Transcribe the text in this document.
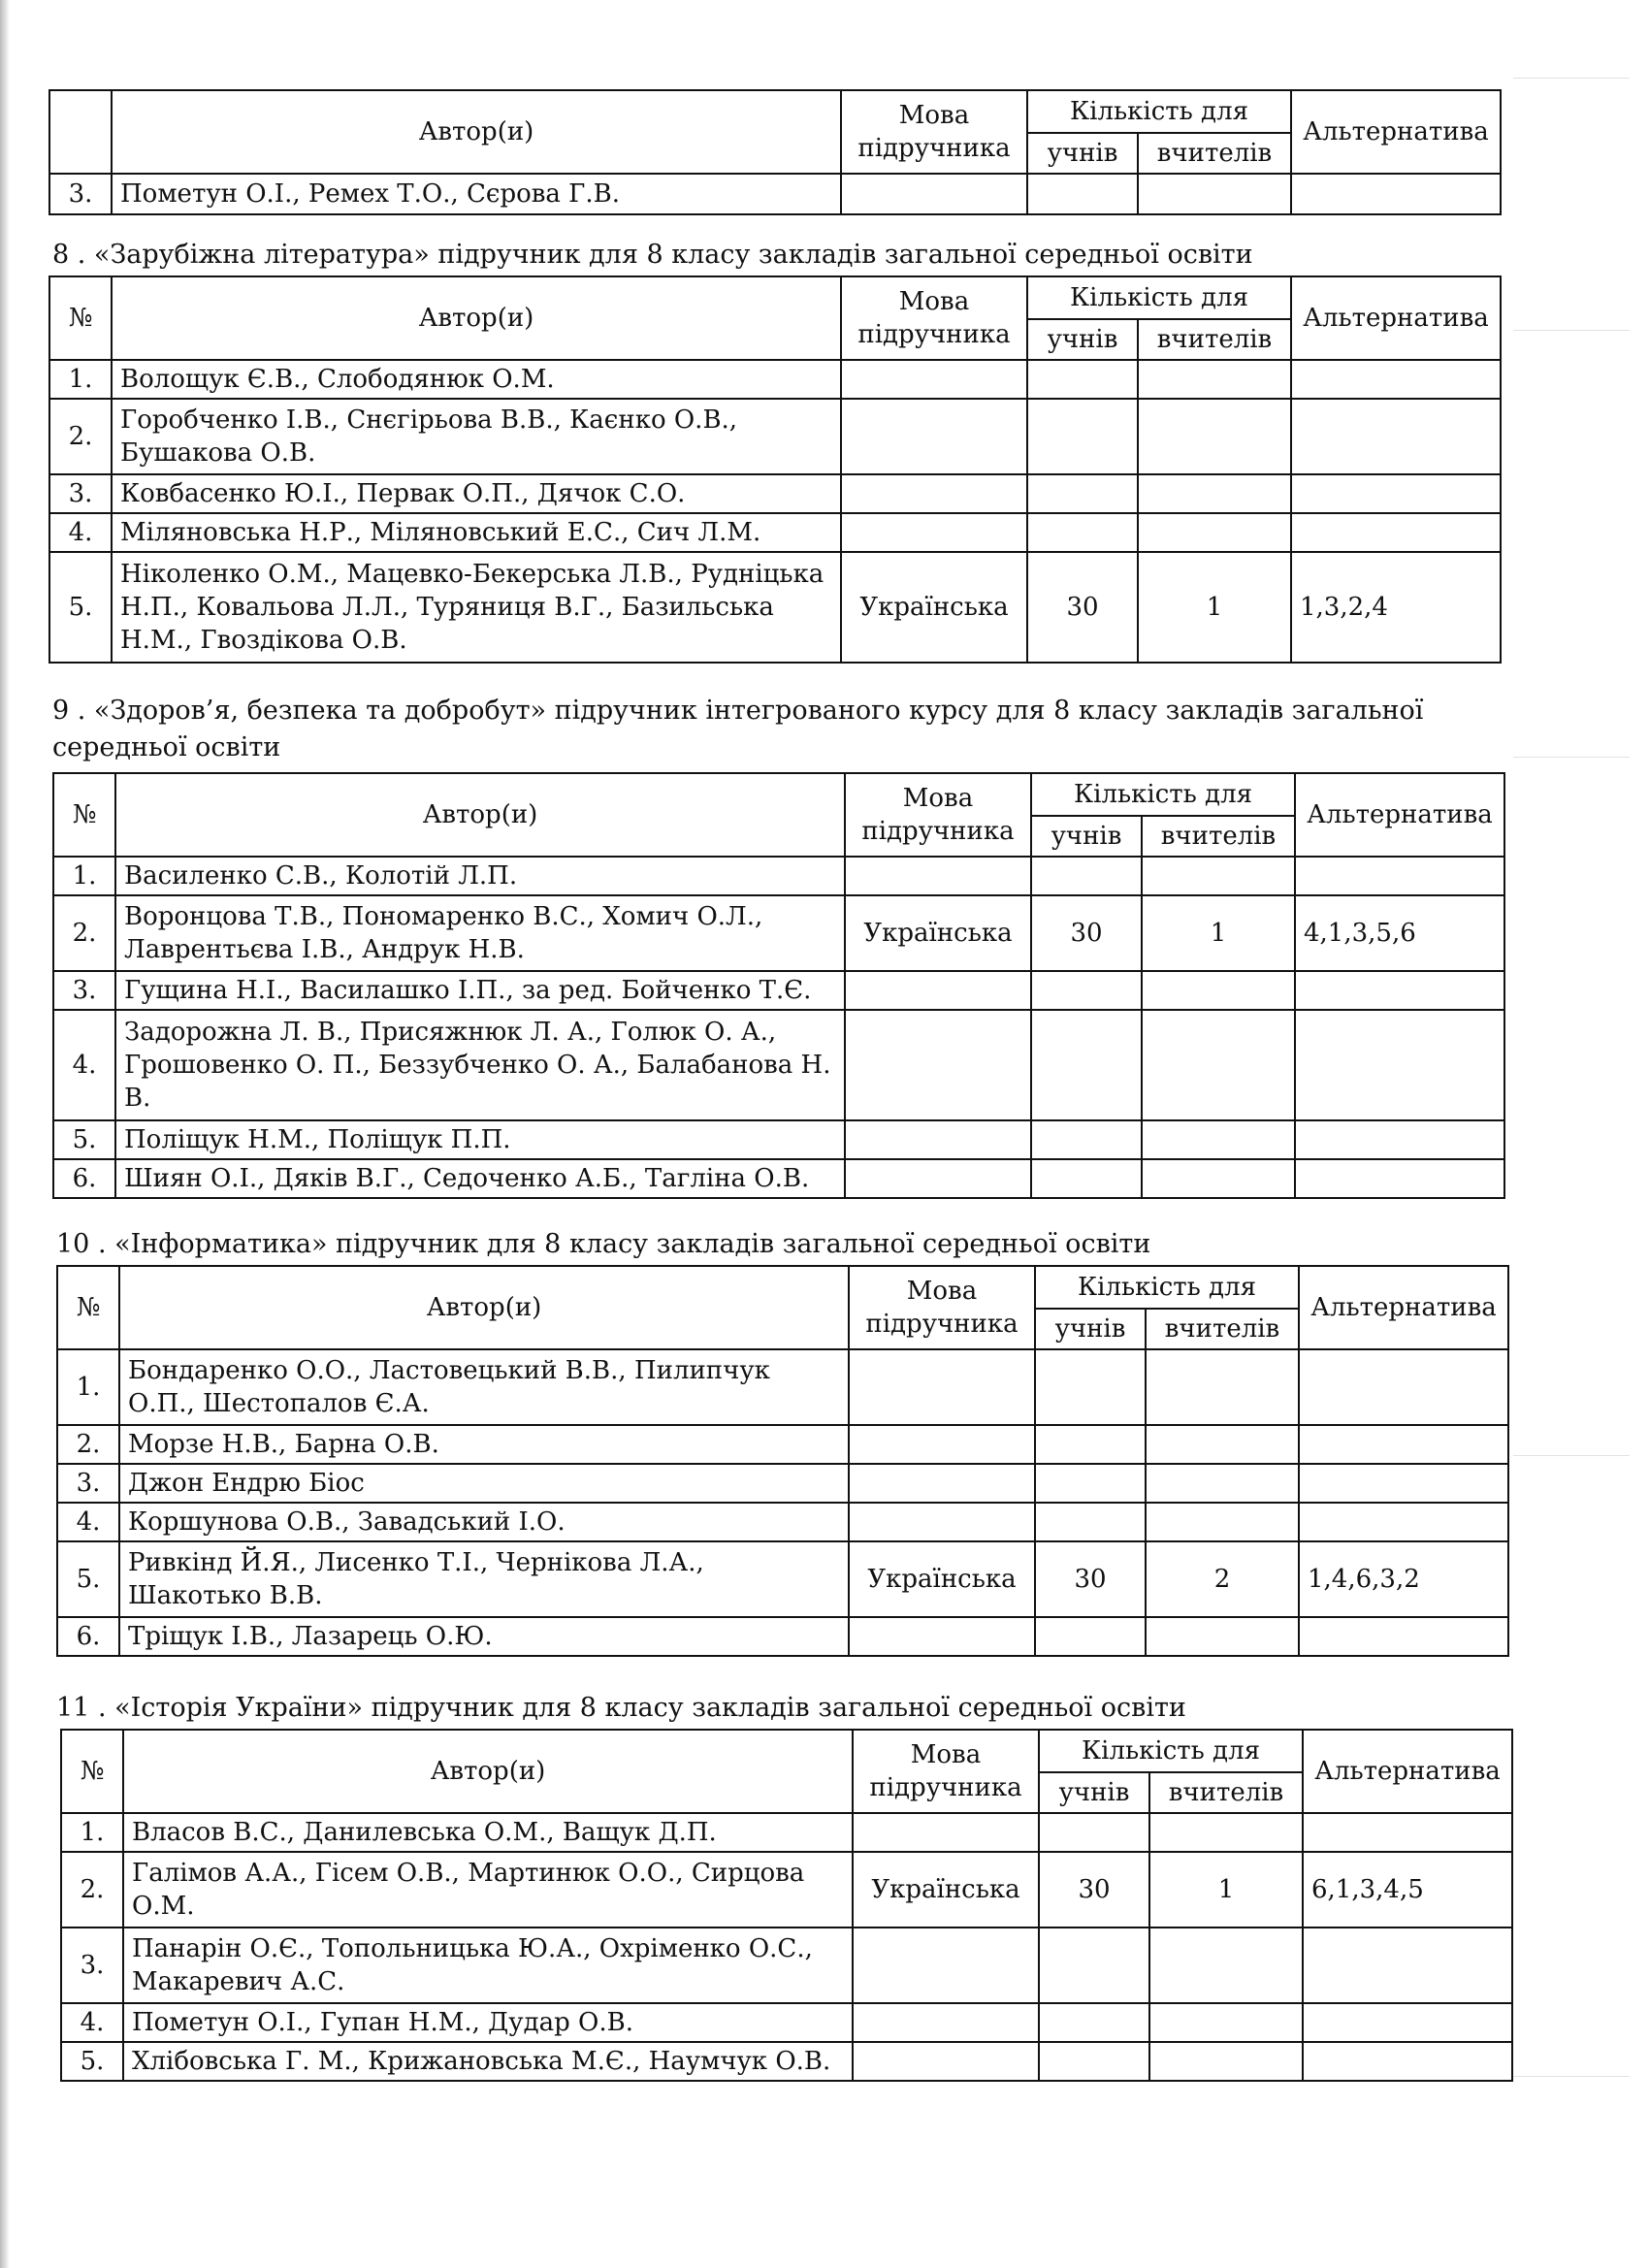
	Автор(и)	Мова підручника	Кількість для		Альтернатива
			учнів	вчителів	
3.	Пометун О.І., Ремех Т.О., Сєрова Г.В.				
8 . «Зарубіжна література» підручник для 8 класу закладів загальної середньої освіти
№	Автор(и)	Мова підручника	Кількість для		Альтернатива
			учнів	вчителів	
1.	Волощук Є.В., Слободянюк О.М.				
2.	Горобченко І.В., Снєгірьова В.В., Каєнко О.В., Бушакова О.В.				
3.	Ковбасенко Ю.І., Первак О.П., Дячок С.О.				
4.	Міляновська Н.Р., Міляновський Е.С., Сич Л.М.				
5.	Ніколенко О.М., Мацевко-Бекерська Л.В., Рудніцька Н.П., Ковальова Л.Л., Туряниця В.Г., Базильська Н.М., Гвоздікова О.В.	Українська	30	1	1,3,2,4
9 . «Здоров’я, безпека та добробут» підручник інтегрованого курсу для 8 класу закладів загальної середньої освіти
№	Автор(и)	Мова підручника	Кількість для		Альтернатива
			учнів	вчителів	
1.	Василенко С.В., Колотій Л.П.				
2.	Воронцова Т.В., Пономаренко В.С., Хомич О.Л., Лаврентьєва І.В., Андрук Н.В.	Українська	30	1	4,1,3,5,6
3.	Гущина Н.І., Василашко І.П., за ред. Бойченко Т.Є.				
4.	Задорожна Л. В., Присяжнюк Л. А., Голюк О. А., Грошовенко О. П., Беззубченко О. А., Балабанова Н. В.				
5.	Поліщук Н.М., Поліщук П.П.				
6.	Шиян О.І., Дяків В.Г., Седоченко А.Б., Тагліна О.В.				
10 . «Інформатика» підручник для 8 класу закладів загальної середньої освіти
№	Автор(и)	Мова підручника	Кількість для		Альтернатива
			учнів	вчителів	
1.	Бондаренко О.О., Ластовецький В.В., Пилипчук О.П., Шестопалов Є.А.				
2.	Морзе Н.В., Барна О.В.				
3.	Джон Ендрю Біос				
4.	Коршунова О.В., Завадський І.О.				
5.	Ривкінд Й.Я., Лисенко Т.І., Чернікова Л.А., Шакотько В.В.	Українська	30	2	1,4,6,3,2
6.	Тріщук І.В., Лазарець О.Ю.				
11 . «Історія України» підручник для 8 класу закладів загальної середньої освіти
№	Автор(и)	Мова підручника	Кількість для		Альтернатива
			учнів	вчителів	
1.	Власов В.С., Данилевська О.М., Ващук Д.П.				
2.	Галімов А.А., Гісем О.В., Мартинюк О.О., Сирцова О.М.	Українська	30	1	6,1,3,4,5
3.	Панарін О.Є., Топольницька Ю.А., Охріменко О.С., Макаревич А.С.				
4.	Пометун О.І., Гупан Н.М., Дудар О.В.				
5.	Хлібовська Г. М., Крижановська М.Є., Наумчук О.В.				
